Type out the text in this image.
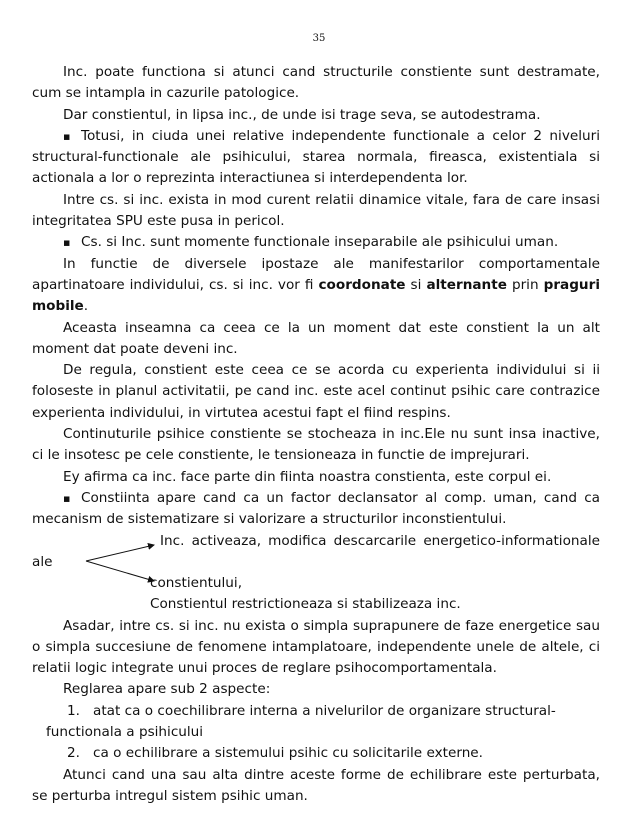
35

Inc. poate functiona si atunci cand structurile constiente sunt destramate, cum se intampla in cazurile patologice.

Dar constientul, in lipsa inc., de unde isi trage seva, se autodestrama.

▪ Totusi, in ciuda unei relative independente functionale a celor 2 niveluri structural-functionale ale psihicului, starea normala, fireasca, existentiala si actionala a lor o reprezinta interactiunea si interdependenta lor.

Intre cs. si inc. exista in mod curent relatii dinamice vitale, fara de care insasi integritatea SPU este pusa in pericol.

▪ Cs. si Inc. sunt momente functionale inseparabile ale psihicului uman.

In functie de diversele ipostaze ale manifestarilor comportamentale apartinatoare individului, cs. si inc. vor fi coordonate si alternante prin praguri mobile.

Aceasta inseamna ca ceea ce la un moment dat este constient la un alt moment dat poate deveni inc.

De regula, constient este ceea ce se acorda cu experienta individului si ii foloseste in planul activitatii, pe cand inc. este acel continut psihic care contrazice experienta individului, in virtutea acestui fapt el fiind respins.

Continuturile psihice constiente se stocheaza in inc.Ele nu sunt insa inactive, ci le insotesc pe cele constiente, le tensioneaza in functie de imprejurari.

Ey afirma ca inc. face parte din fiinta noastra constienta, este corpul ei.

▪ Constiinta apare cand ca un factor declansator al comp. uman, cand ca mecanism de sistematizare si valorizare a structurilor inconstientului.

Inc. activeaza, modifica descarcarile energetico-informationale
ale
constientului,
Constientul restrictioneaza si stabilizeaza inc.

Asadar, intre cs. si inc. nu exista o simpla suprapunere de faze energetice sau o simpla succesiune de fenomene intamplatoare, independente unele de altele, ci relatii logic integrate unui proces de reglare psihocomportamentala.

Reglarea apare sub 2 aspecte:

1. atat ca o coechilibrare interna a nivelurilor de organizare structural-

functionala a psihicului

2. ca o echilibrare a sistemului psihic cu solicitarile externe.

Atunci cand una sau alta dintre aceste forme de echilibrare este perturbata, se perturba intregul sistem psihic uman.
